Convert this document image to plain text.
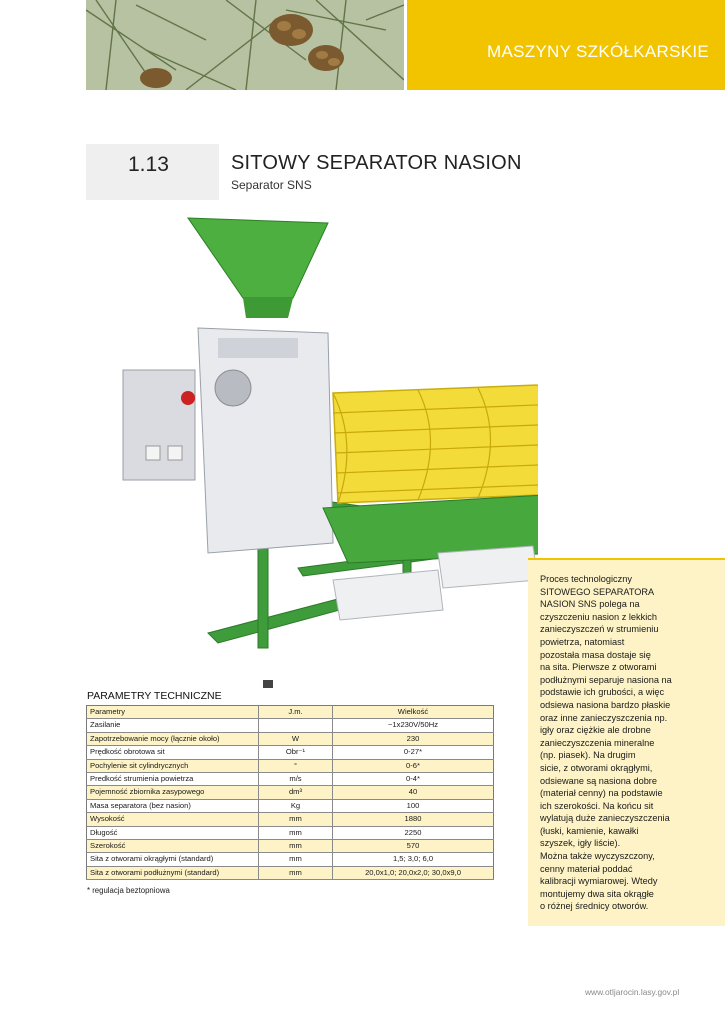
MASZYNY SZKÓŁKARSKIE
1.13	SITOWY SEPARATOR NASION
Separator SNS

Proces technologiczny
SITOWEGO SEPARATORA
NASION SNS polega na
czyszczeniu nasion z lekkich
zanieczyszczeń w strumieniu
powietrza, natomiast
pozostała masa dostaje się
na sita. Pierwsze z otworami
podłużnymi separuje nasiona na
podstawie ich grubości, a więc
odsiewa nasiona bardzo płaskie
oraz inne zanieczyszczenia np.
igły oraz ciężkie ale drobne
zanieczyszczenia mineralne
(np. piasek). Na drugim
sicie, z otworami okrągłymi,
odsiewane są nasiona dobre
(materiał cenny) na podstawie
ich szerokości. Na końcu sit
wylatują duże zanieczyszczenia
(łuski, kamienie, kawałki
szyszek, igły liście).
Można także wyczyszczony,
cenny materiał poddać
kalibracji wymiarowej. Wtedy
montujemy dwa sita okrągłe
o różnej średnicy otworów.

PARAMETRY TECHNICZNE
Parametry	J.m.	Wielkość
Zasilanie		~1x230V/50Hz
Zapotrzebowanie mocy (łącznie około)	W	230
Prędkość obrotowa sit	Obr⁻¹	0-27*
Pochylenie sit cylindrycznych	°	0-6*
Predkość strumienia powietrza	m/s	0-4*
Pojemność zbiornika zasypowego	dm³	40
Masa separatora (bez nasion)	Kg	100
Wysokość	mm	1880
Długość	mm	2250
Szerokość	mm	570
Sita z otworami okrągłymi (standard)	mm	1,5; 3,0; 6,0
Sita z otworami podłużnymi (standard)	mm	20,0x1,0; 20,0x2,0; 30,0x9,0
* regulacja beztopniowa
www.otljarocin.lasy.gov.pl
